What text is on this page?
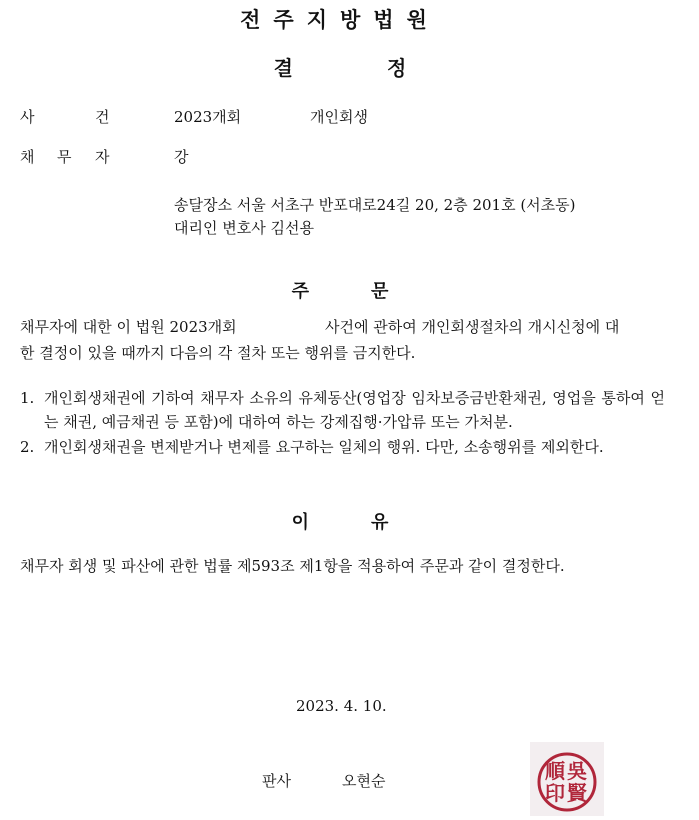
전주지방법원
결	정
사	건	2023개회	개인회생
채 무 자	강
송달장소 서울 서초구 반포대로24길 20, 2층 201호 (서초동)
대리인 변호사 김선용
주	문
채무자에 대한 이 법원 2023개회	사건에 관하여 개인회생절차의 개시신청에 대
한 결정이 있을 때까지 다음의 각 절차 또는 행위를 금지한다.
1. 개인회생채권에 기하여 채무자 소유의 유체동산(영업장 임차보증금반환채권, 영업을 통하여 얻는 채권, 예금채권 등 포함)에 대하여 하는 강제집행·가압류 또는 가처분.
2. 개인회생채권을 변제받거나 변제를 요구하는 일체의 행위. 다만, 소송행위를 제외한다.
이	유
채무자 회생 및 파산에 관한 법률 제593조 제1항을 적용하여 주문과 같이 결정한다.
2023. 4. 10.
판사	오현순	吳
賢
順
印
